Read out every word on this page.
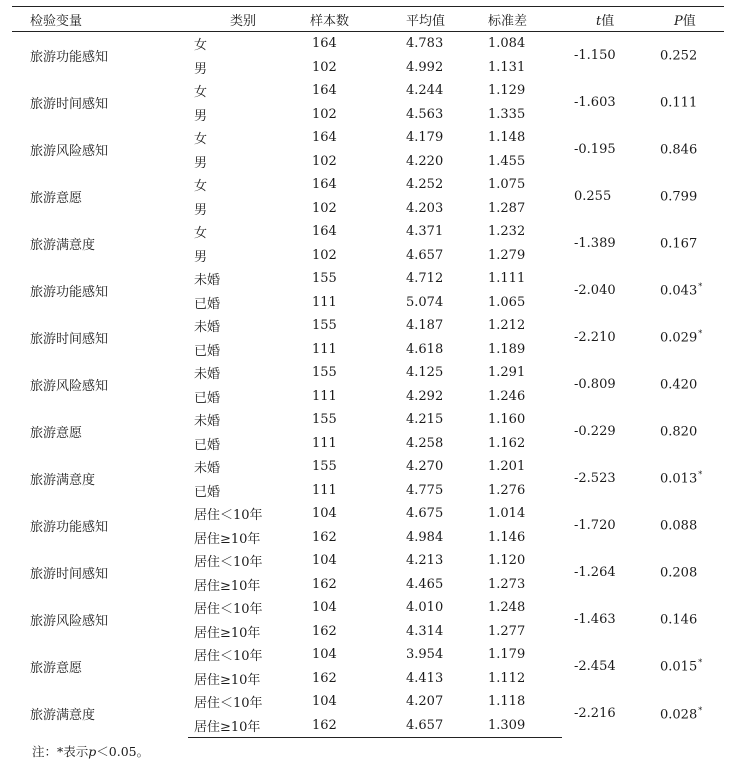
检验变量	类别	样本数	平均值	标准差	t值	P值
旅游功能感知	女	164	4.783	1.084	-1.150	0.252
	男	102	4.992	1.131		
旅游时间感知	女	164	4.244	1.129	-1.603	0.111
	男	102	4.563	1.335		
旅游风险感知	女	164	4.179	1.148	-0.195	0.846
	男	102	4.220	1.455		
旅游意愿	女	164	4.252	1.075	0.255	0.799
	男	102	4.203	1.287		
旅游满意度	女	164	4.371	1.232	-1.389	0.167
	男	102	4.657	1.279		
旅游功能感知	未婚	155	4.712	1.111	-2.040	0.043*
	已婚	111	5.074	1.065		
旅游时间感知	未婚	155	4.187	1.212	-2.210	0.029*
	已婚	111	4.618	1.189		
旅游风险感知	未婚	155	4.125	1.291	-0.809	0.420
	已婚	111	4.292	1.246		
旅游意愿	未婚	155	4.215	1.160	-0.229	0.820
	已婚	111	4.258	1.162		
旅游满意度	未婚	155	4.270	1.201	-2.523	0.013*
	已婚	111	4.775	1.276		
旅游功能感知	居住＜10年	104	4.675	1.014	-1.720	0.088
	居住≥10年	162	4.984	1.146		
旅游时间感知	居住＜10年	104	4.213	1.120	-1.264	0.208
	居住≥10年	162	4.465	1.273		
旅游风险感知	居住＜10年	104	4.010	1.248	-1.463	0.146
	居住≥10年	162	4.314	1.277		
旅游意愿	居住＜10年	104	3.954	1.179	-2.454	0.015*
	居住≥10年	162	4.413	1.112		
旅游满意度	居住＜10年	104	4.207	1.118	-2.216	0.028*
	居住≥10年	162	4.657	1.309		
注：*表示p＜0.05。
